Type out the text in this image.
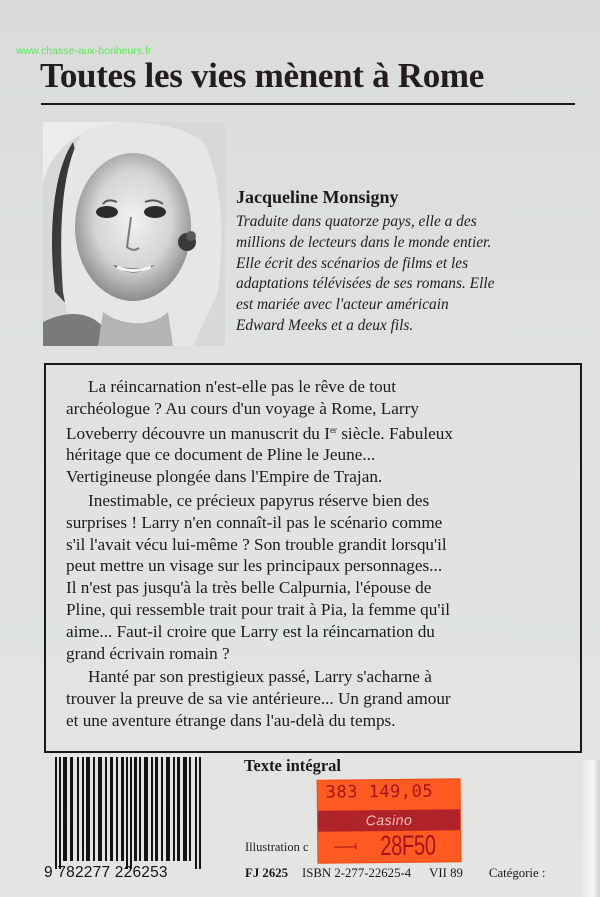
www.chasse-aux-bonheurs.fr
Toutes les vies mènent à Rome
Jacqueline Monsigny
Traduite dans quatorze pays, elle a des
millions de lecteurs dans le monde entier.
Elle écrit des scénarios de films et les
adaptations télévisées de ses romans. Elle
est mariée avec l'acteur américain
Edward Meeks et a deux fils.
La réincarnation n'est-elle pas le rêve de tout
archéologue ? Au cours d'un voyage à Rome, Larry
Loveberry découvre un manuscrit du Ier siècle. Fabuleux
héritage que ce document de Pline le Jeune...
Vertigineuse plongée dans l'Empire de Trajan.
Inestimable, ce précieux papyrus réserve bien des
surprises ! Larry n'en connaît-il pas le scénario comme
s'il l'avait vécu lui-même ? Son trouble grandit lorsqu'il
peut mettre un visage sur les principaux personnages...
Il n'est pas jusqu'à la très belle Calpurnia, l'épouse de
Pline, qui ressemble trait pour trait à Pia, la femme qu'il
aime... Faut-il croire que Larry est la réincarnation du
grand écrivain romain ?
Hanté par son prestigieux passé, Larry s'acharne à
trouver la preuve de sa vie antérieure... Un grand amour
et une aventure étrange dans l'au-delà du temps.
9 782277 226253
Texte intégral
Illustration c
FJ 2625 ISBN 2-277-22625-4 VII 89 Catégorie :
383 149,05
Casino
28F50
